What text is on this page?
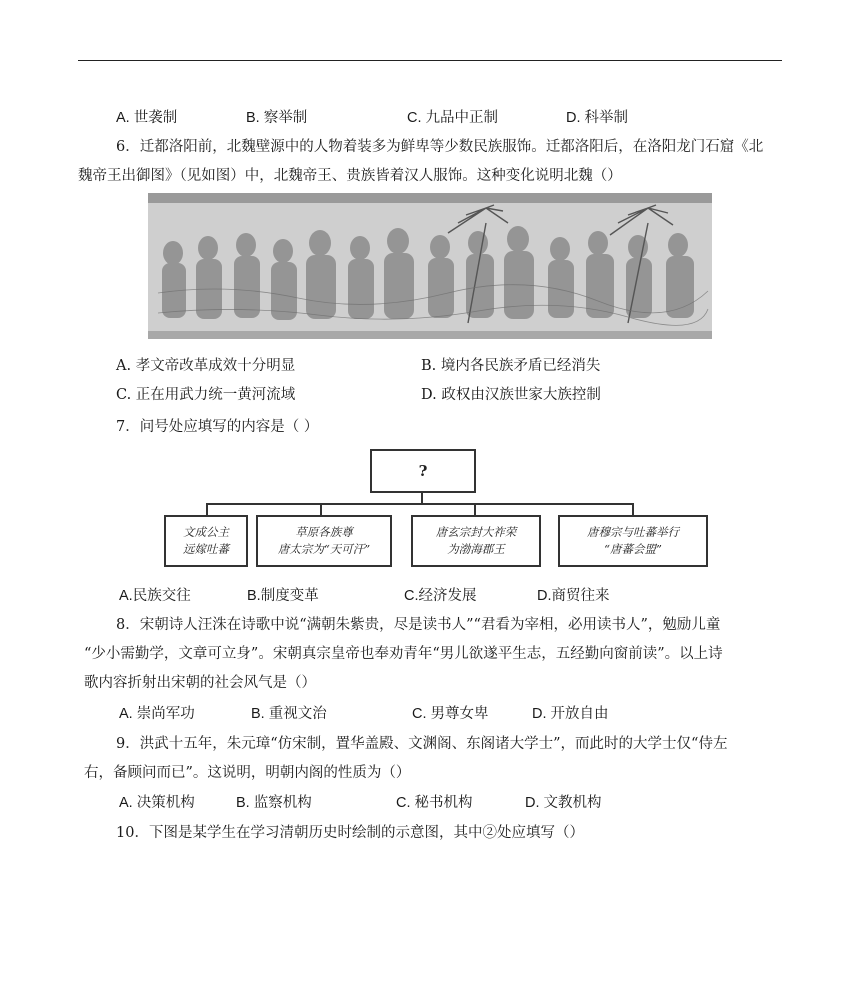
A. 世袭制	B. 察举制	C. 九品中正制	D. 科举制
6．迁都洛阳前，北魏壁源中的人物着装多为鲜卑等少数民族服饰。迁都洛阳后，在洛阳龙门石窟《北
魏帝王出御图》（见如图）中，北魏帝王、贵族皆着汉人服饰。这种变化说明北魏（）
A. 孝文帝改革成效十分明显	B. 境内各民族矛盾已经消失
C. 正在用武力统一黄河流域	D. 政权由汉族世家大族控制
7．问号处应填写的内容是（ ）
?
文成公主
远嫁吐蕃
草原各族尊
唐太宗为“天可汗”
唐玄宗封大祚荣
为渤海郡王
唐穆宗与吐蕃举行
“唐蕃会盟”
A.民族交往	B.制度变革	C.经济发展	D.商贸往来
8．宋朝诗人汪洙在诗歌中说“满朝朱紫贵，尽是读书人”“君看为宰相，必用读书人”，勉励儿童
“少小需勤学，文章可立身”。宋朝真宗皇帝也奉劝青年“男儿欲遂平生志，五经勤向窗前读”。以上诗
歌内容折射出宋朝的社会风气是（）
A. 崇尚军功	B. 重视文治	C. 男尊女卑	D. 开放自由
9．洪武十五年，朱元璋“仿宋制，置华盖殿、文渊阁、东阁诸大学士”，而此时的大学士仅“侍左
右，备顾问而已”。这说明，明朝内阁的性质为（）
A. 决策机构	B. 监察机构	C. 秘书机构	D. 文教机构
10．下图是某学生在学习清朝历史时绘制的示意图，其中②处应填写（）
